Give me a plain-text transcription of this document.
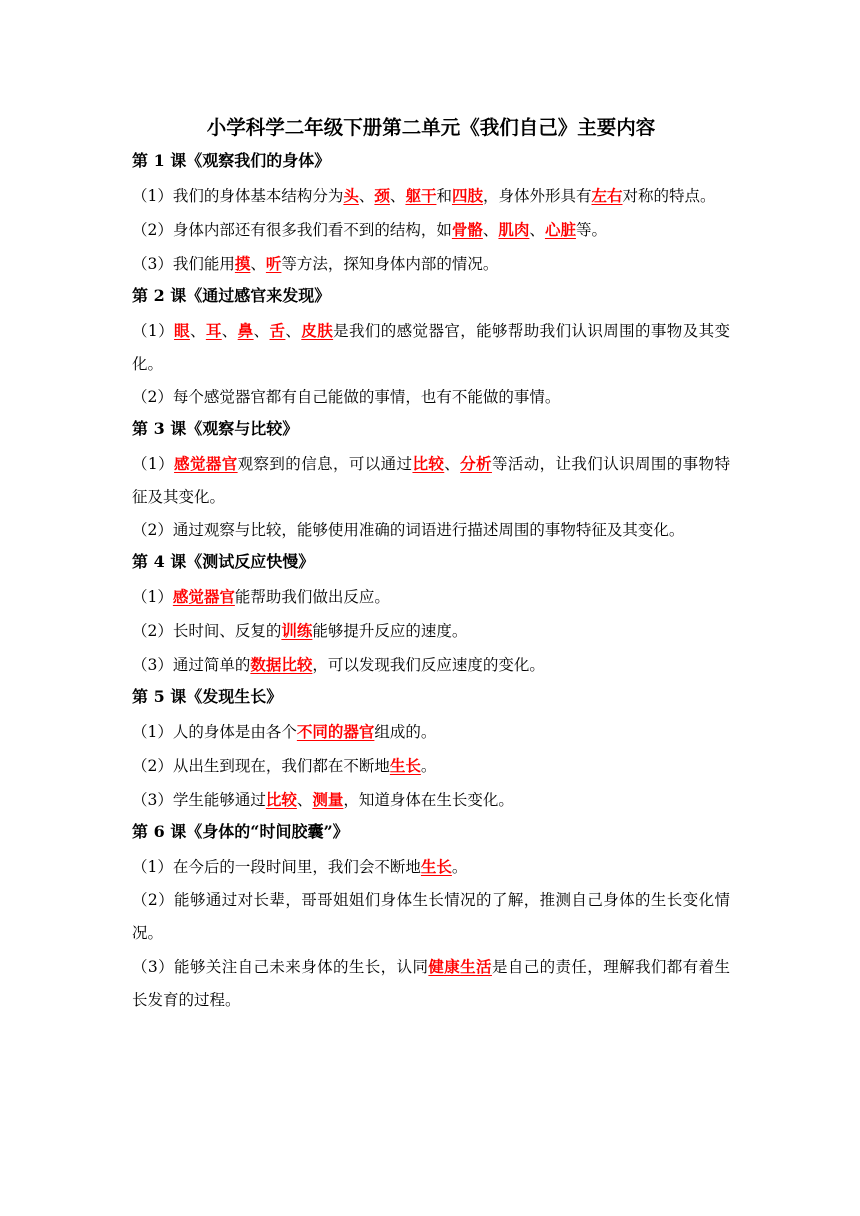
小学科学二年级下册第二单元《我们自己》主要内容
第 1 课《观察我们的身体》
（1）我们的身体基本结构分为头、颈、躯干和四肢，身体外形具有左右对称的特点。
（2）身体内部还有很多我们看不到的结构，如骨骼、肌肉、心脏等。
（3）我们能用摸、听等方法，探知身体内部的情况。
第 2 课《通过感官来发现》
（1）眼、耳、鼻、舌、皮肤是我们的感觉器官，能够帮助我们认识周围的事物及其变化。
（2）每个感觉器官都有自己能做的事情，也有不能做的事情。
第 3 课《观察与比较》
（1）感觉器官观察到的信息，可以通过比较、分析等活动，让我们认识周围的事物特征及其变化。
（2）通过观察与比较，能够使用准确的词语进行描述周围的事物特征及其变化。
第 4 课《测试反应快慢》
（1）感觉器官能帮助我们做出反应。
（2）长时间、反复的训练能够提升反应的速度。
（3）通过简单的数据比较，可以发现我们反应速度的变化。
第 5 课《发现生长》
（1）人的身体是由各个不同的器官组成的。
（2）从出生到现在，我们都在不断地生长。
（3）学生能够通过比较、测量，知道身体在生长变化。
第 6 课《身体的“时间胶囊”》
（1）在今后的一段时间里，我们会不断地生长。
（2）能够通过对长辈，哥哥姐姐们身体生长情况的了解，推测自己身体的生长变化情况。
（3）能够关注自己未来身体的生长，认同健康生活是自己的责任，理解我们都有着生长发育的过程。
